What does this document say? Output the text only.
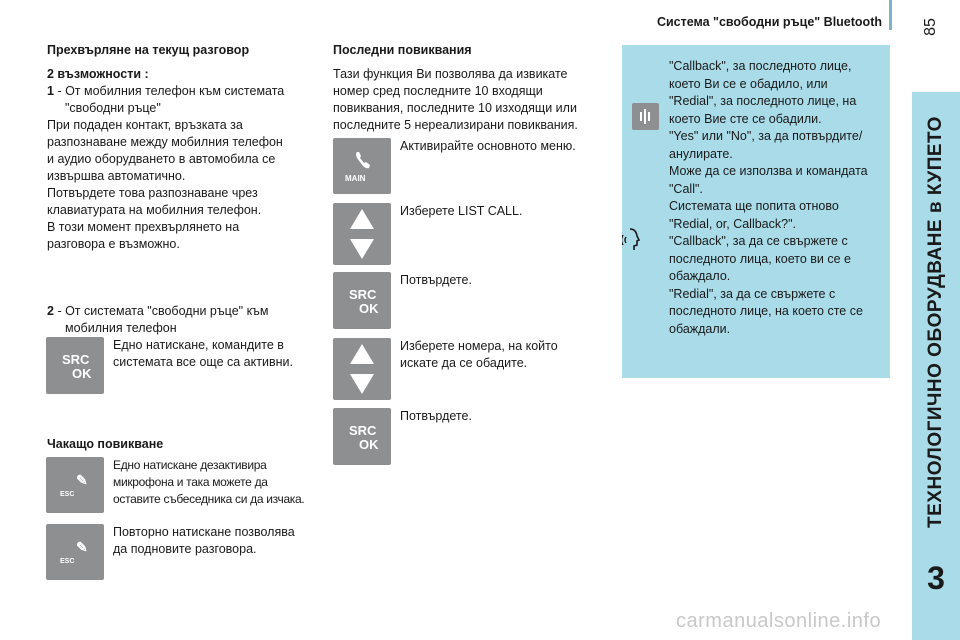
Система "свободни ръце" Bluetooth	85
ТЕХНОЛОГИЧНО ОБОРУДВАНЕ в КУПЕТО
3
Прехвърляне на текущ разговор
2 възможности :
1 - От мобилния телефон към системата
"свободни ръце"
При подаден контакт, връзката за
разпознаване между мобилния телефон
и аудио оборудването в автомобила се
извършва автоматично.
Потвърдете това разпознаване чрез
клавиатурата на мобилния телефон.
В този момент прехвърлянето на
разговора е възможно.
2 - От системата "свободни ръце" към
мобилния телефон
SRC
OK
Едно натискане, командите в
системата все още са активни.
Чакащо повикване
✎
ESC
Едно натискане дезактивира
микрофона и така можете да
оставите събеседника си да изчака.
✎
ESC
Повторно натискане позволява
да подновите разговора.
Последни повиквания
Тази функция Ви позволява да извикате
номер сред последните 10 входящи
повиквания, последните 10 изходящи или
последните 5 нереализирани повиквания.
MAIN
Активирайте основното меню.
Изберете LIST CALL.
SRC
OK
Потвърдете.
Изберете номера, на който
искате да се обадите.
SRC
OK
Потвърдете.
"Callback", за последното лице,
което Ви се е обадило, или
"Redial", за последното лице, на
което Вие сте се обадили.
"Yes" или "No", за да потвърдите/
анулирате.
Може да се използва и командата
"Call".
Системата ще попита отново
"Redial, or, Callback?".
"Callback", за да се свържете с
последното лица, което ви се е
обаждало.
"Redial", за да се свържете с
последното лице, на което сте се
обаждали.
carmanualsonline.info
